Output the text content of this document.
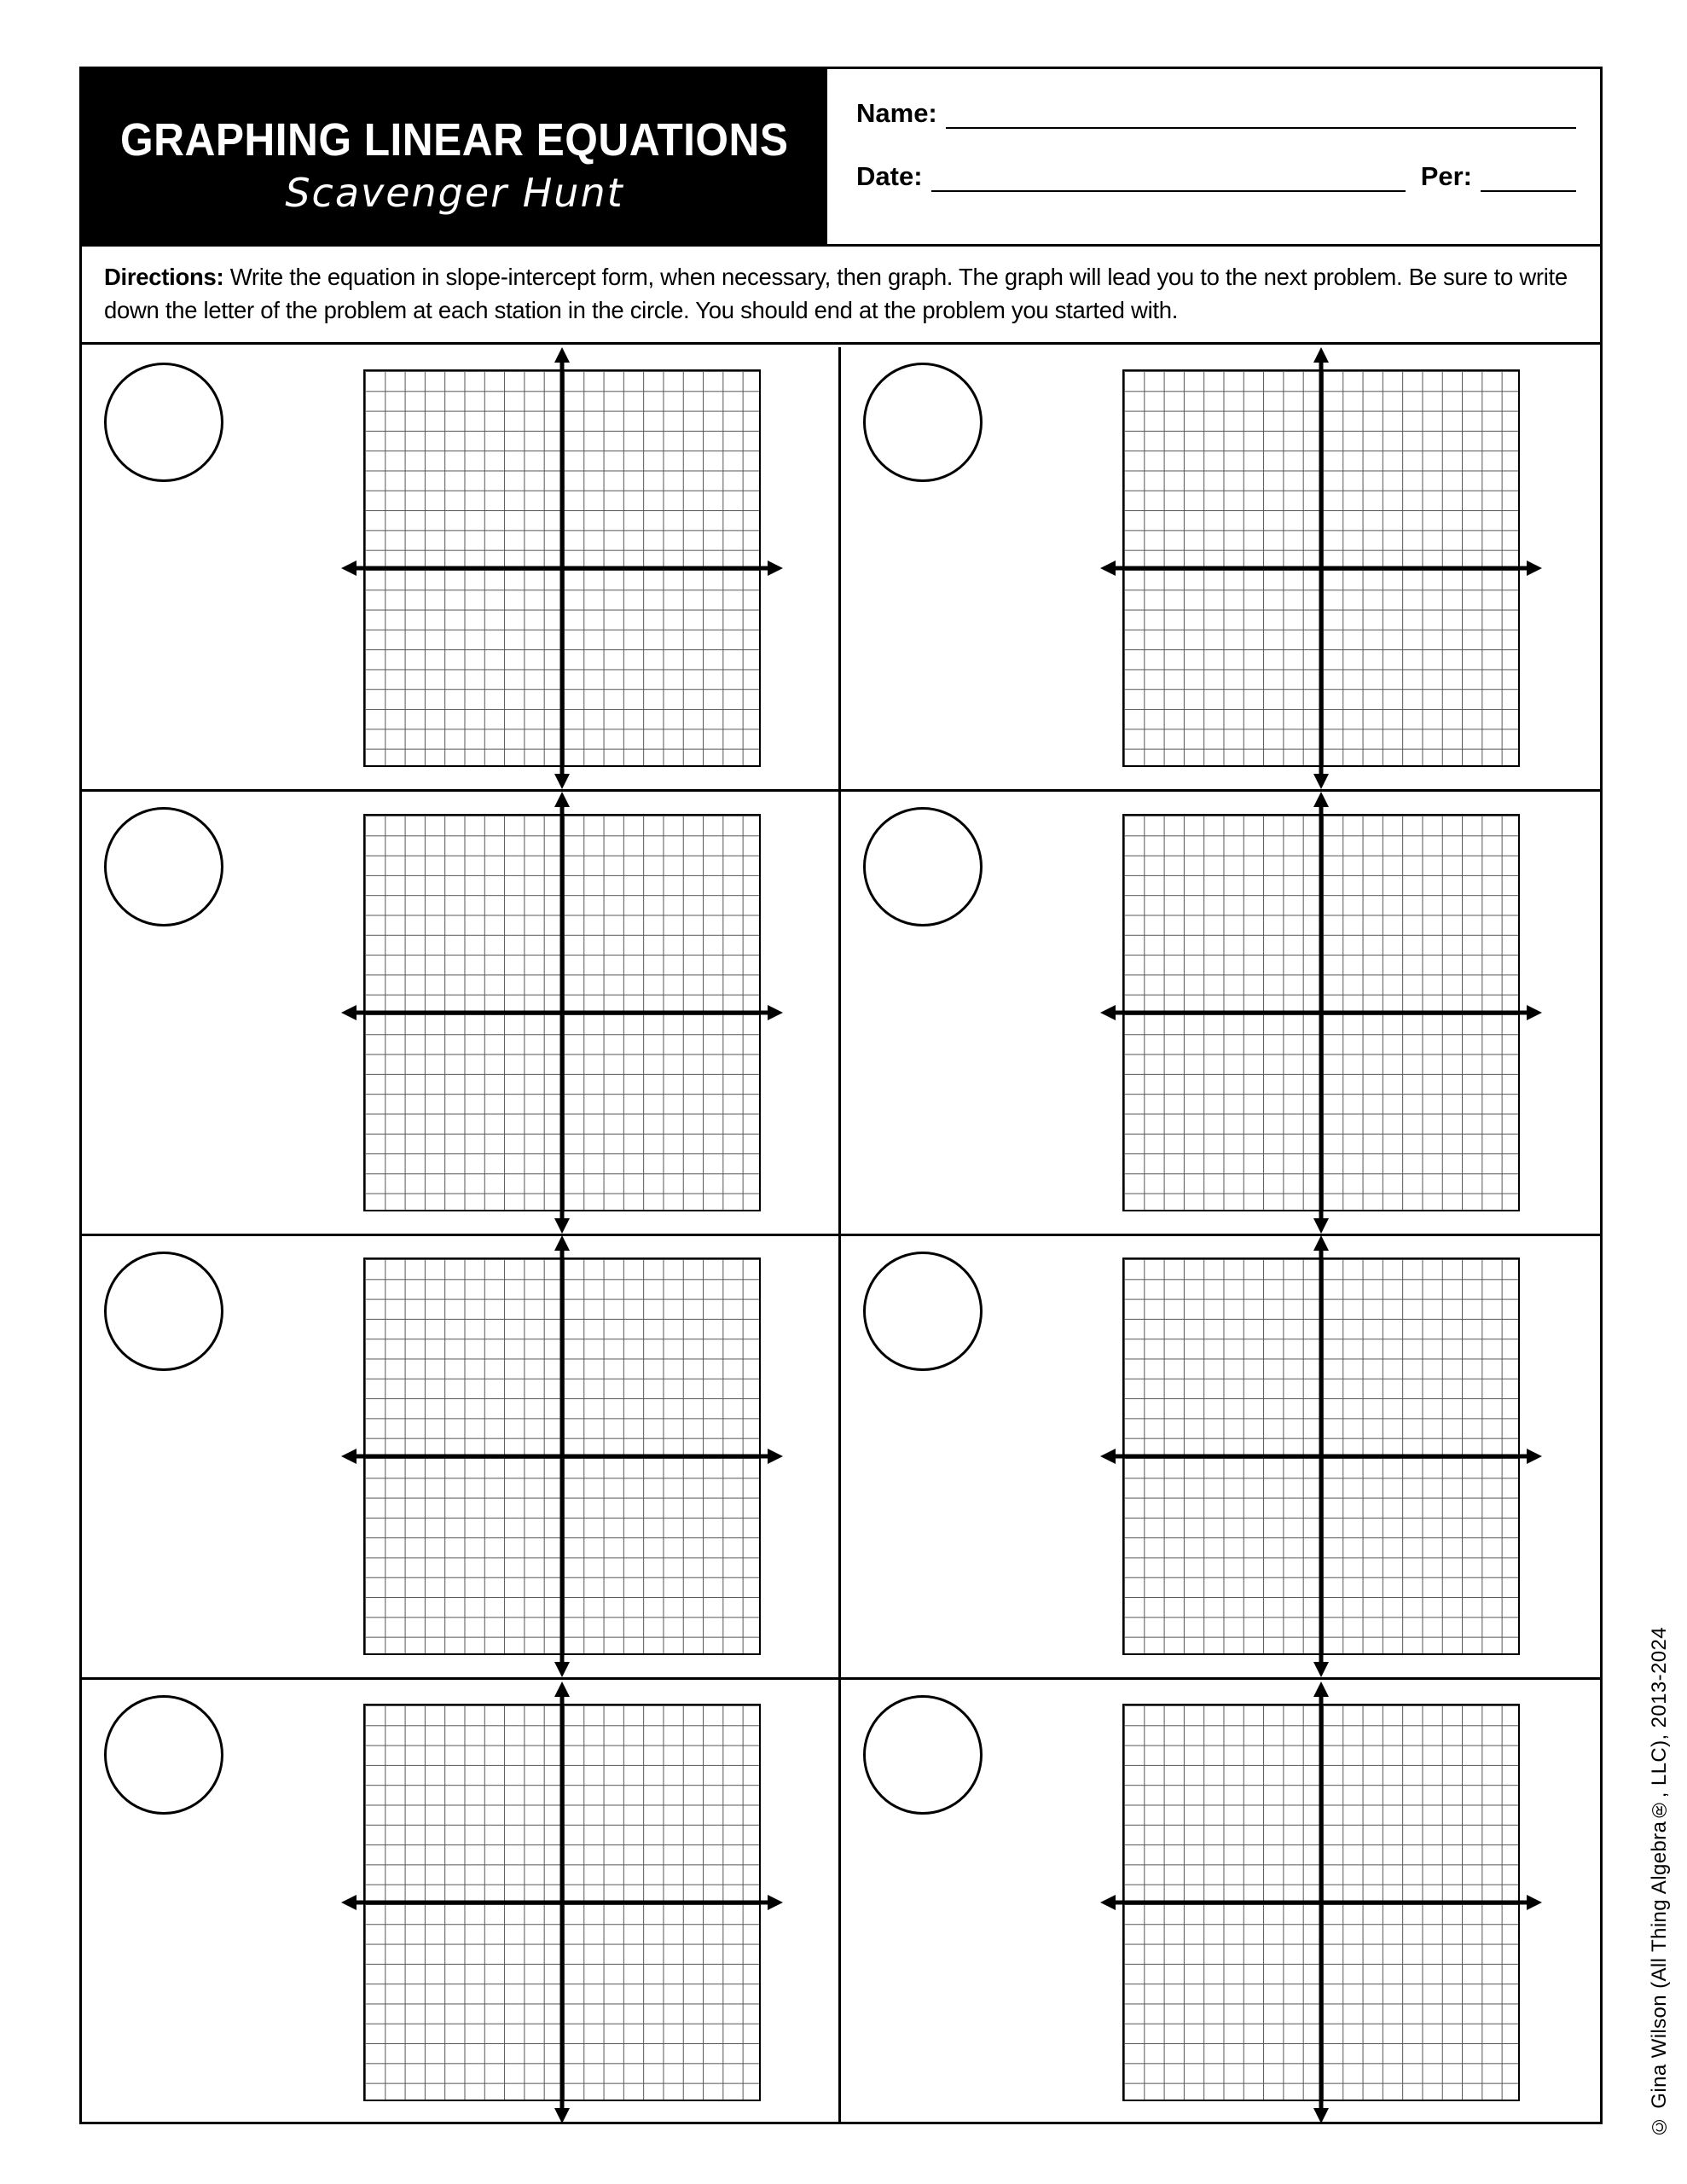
GRAPHING LINEAR EQUATIONS
Scavenger Hunt
Name:
Date:	Per:
Directions: Write the equation in slope-intercept form, when necessary, then graph. The graph will lead you to the next problem. Be sure to write down the letter of the problem at each station in the circle. You should end at the problem you started with.
© Gina Wilson (All Thing Algebra®, LLC), 2013-2024
